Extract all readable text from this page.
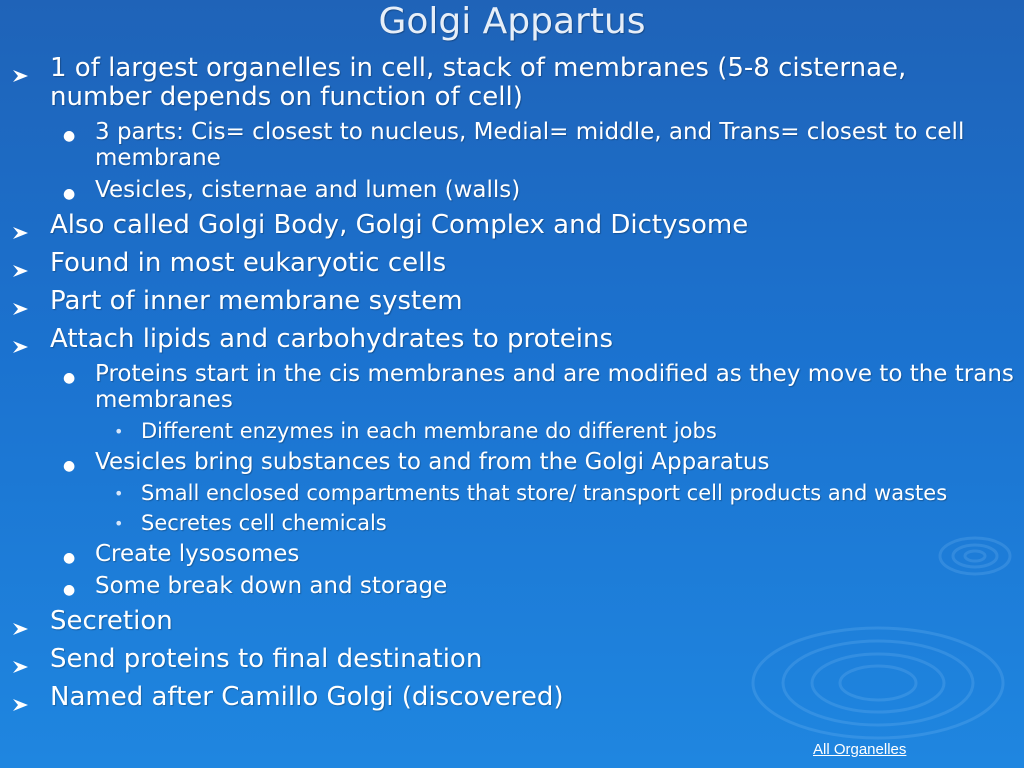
Golgi Appartus
1 of largest organelles in cell, stack of membranes (5-8 cisternae, number depends on function of cell)
● 3 parts: Cis= closest to nucleus, Medial= middle, and Trans= closest to cell membrane
● Vesicles, cisternae and lumen (walls)
Also called Golgi Body, Golgi Complex and Dictysome
Found in most eukaryotic cells
Part of inner membrane system
Attach lipids and carbohydrates to proteins
● Proteins start in the cis membranes and are modified as they move to the trans membranes
• Different enzymes in each membrane do different jobs
● Vesicles bring substances to and from the Golgi Apparatus
• Small enclosed compartments that store/ transport cell products and wastes
• Secretes cell chemicals
● Create lysosomes
● Some break down and storage
Secretion
Send proteins to final destination
Named after Camillo Golgi (discovered)
All Organelles
